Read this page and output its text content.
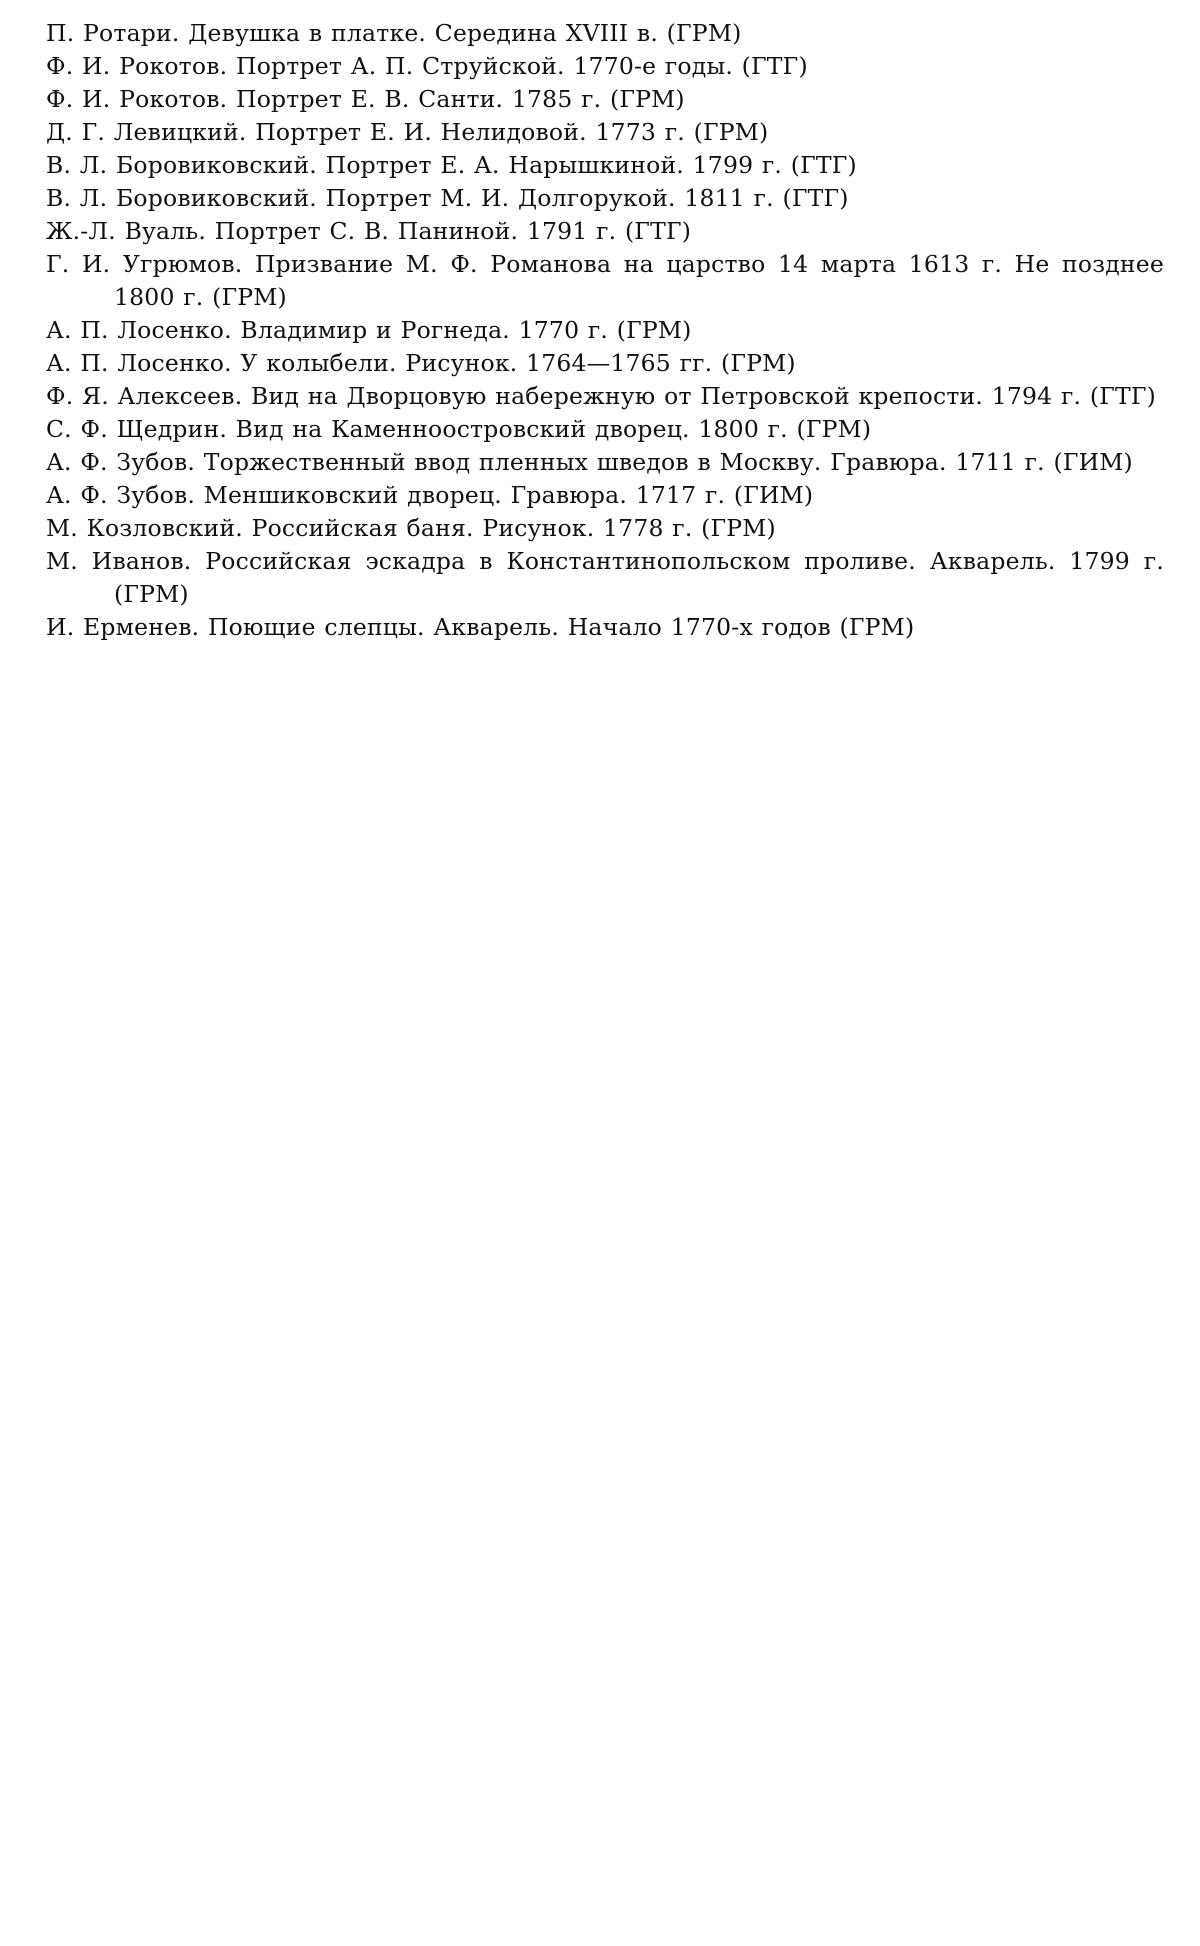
П. Ротари. Девушка в платке. Середина XVIII в. (ГРМ)
Ф. И. Рокотов. Портрет А. П. Струйской. 1770-е годы. (ГТГ)
Ф. И. Рокотов. Портрет Е. В. Санти. 1785 г. (ГРМ)
Д. Г. Левицкий. Портрет Е. И. Нелидовой. 1773 г. (ГРМ)
В. Л. Боровиковский. Портрет Е. А. Нарышкиной. 1799 г. (ГТГ)
В. Л. Боровиковский. Портрет М. И. Долгорукой. 1811 г. (ГТГ)
Ж.-Л. Вуаль. Портрет С. В. Паниной. 1791 г. (ГТГ)
Г. И. Угрюмов. Призвание М. Ф. Романова на царство 14 марта 1613 г. Не позднее 1800 г. (ГРМ)
А. П. Лосенко. Владимир и Рогнеда. 1770 г. (ГРМ)
А. П. Лосенко. У колыбели. Рисунок. 1764—1765 гг. (ГРМ)
Ф. Я. Алексеев. Вид на Дворцовую набережную от Петровской крепости. 1794 г. (ГТГ)
С. Ф. Щедрин. Вид на Каменноостровский дворец. 1800 г. (ГРМ)
А. Ф. Зубов. Торжественный ввод пленных шведов в Москву. Гравюра. 1711 г. (ГИМ)
А. Ф. Зубов. Меншиковский дворец. Гравюра. 1717 г. (ГИМ)
М. Козловский. Российская баня. Рисунок. 1778 г. (ГРМ)
М. Иванов. Российская эскадра в Константинопольском проливе. Акварель. 1799 г. (ГРМ)
И. Ерменев. Поющие слепцы. Акварель. Начало 1770-х годов (ГРМ)
